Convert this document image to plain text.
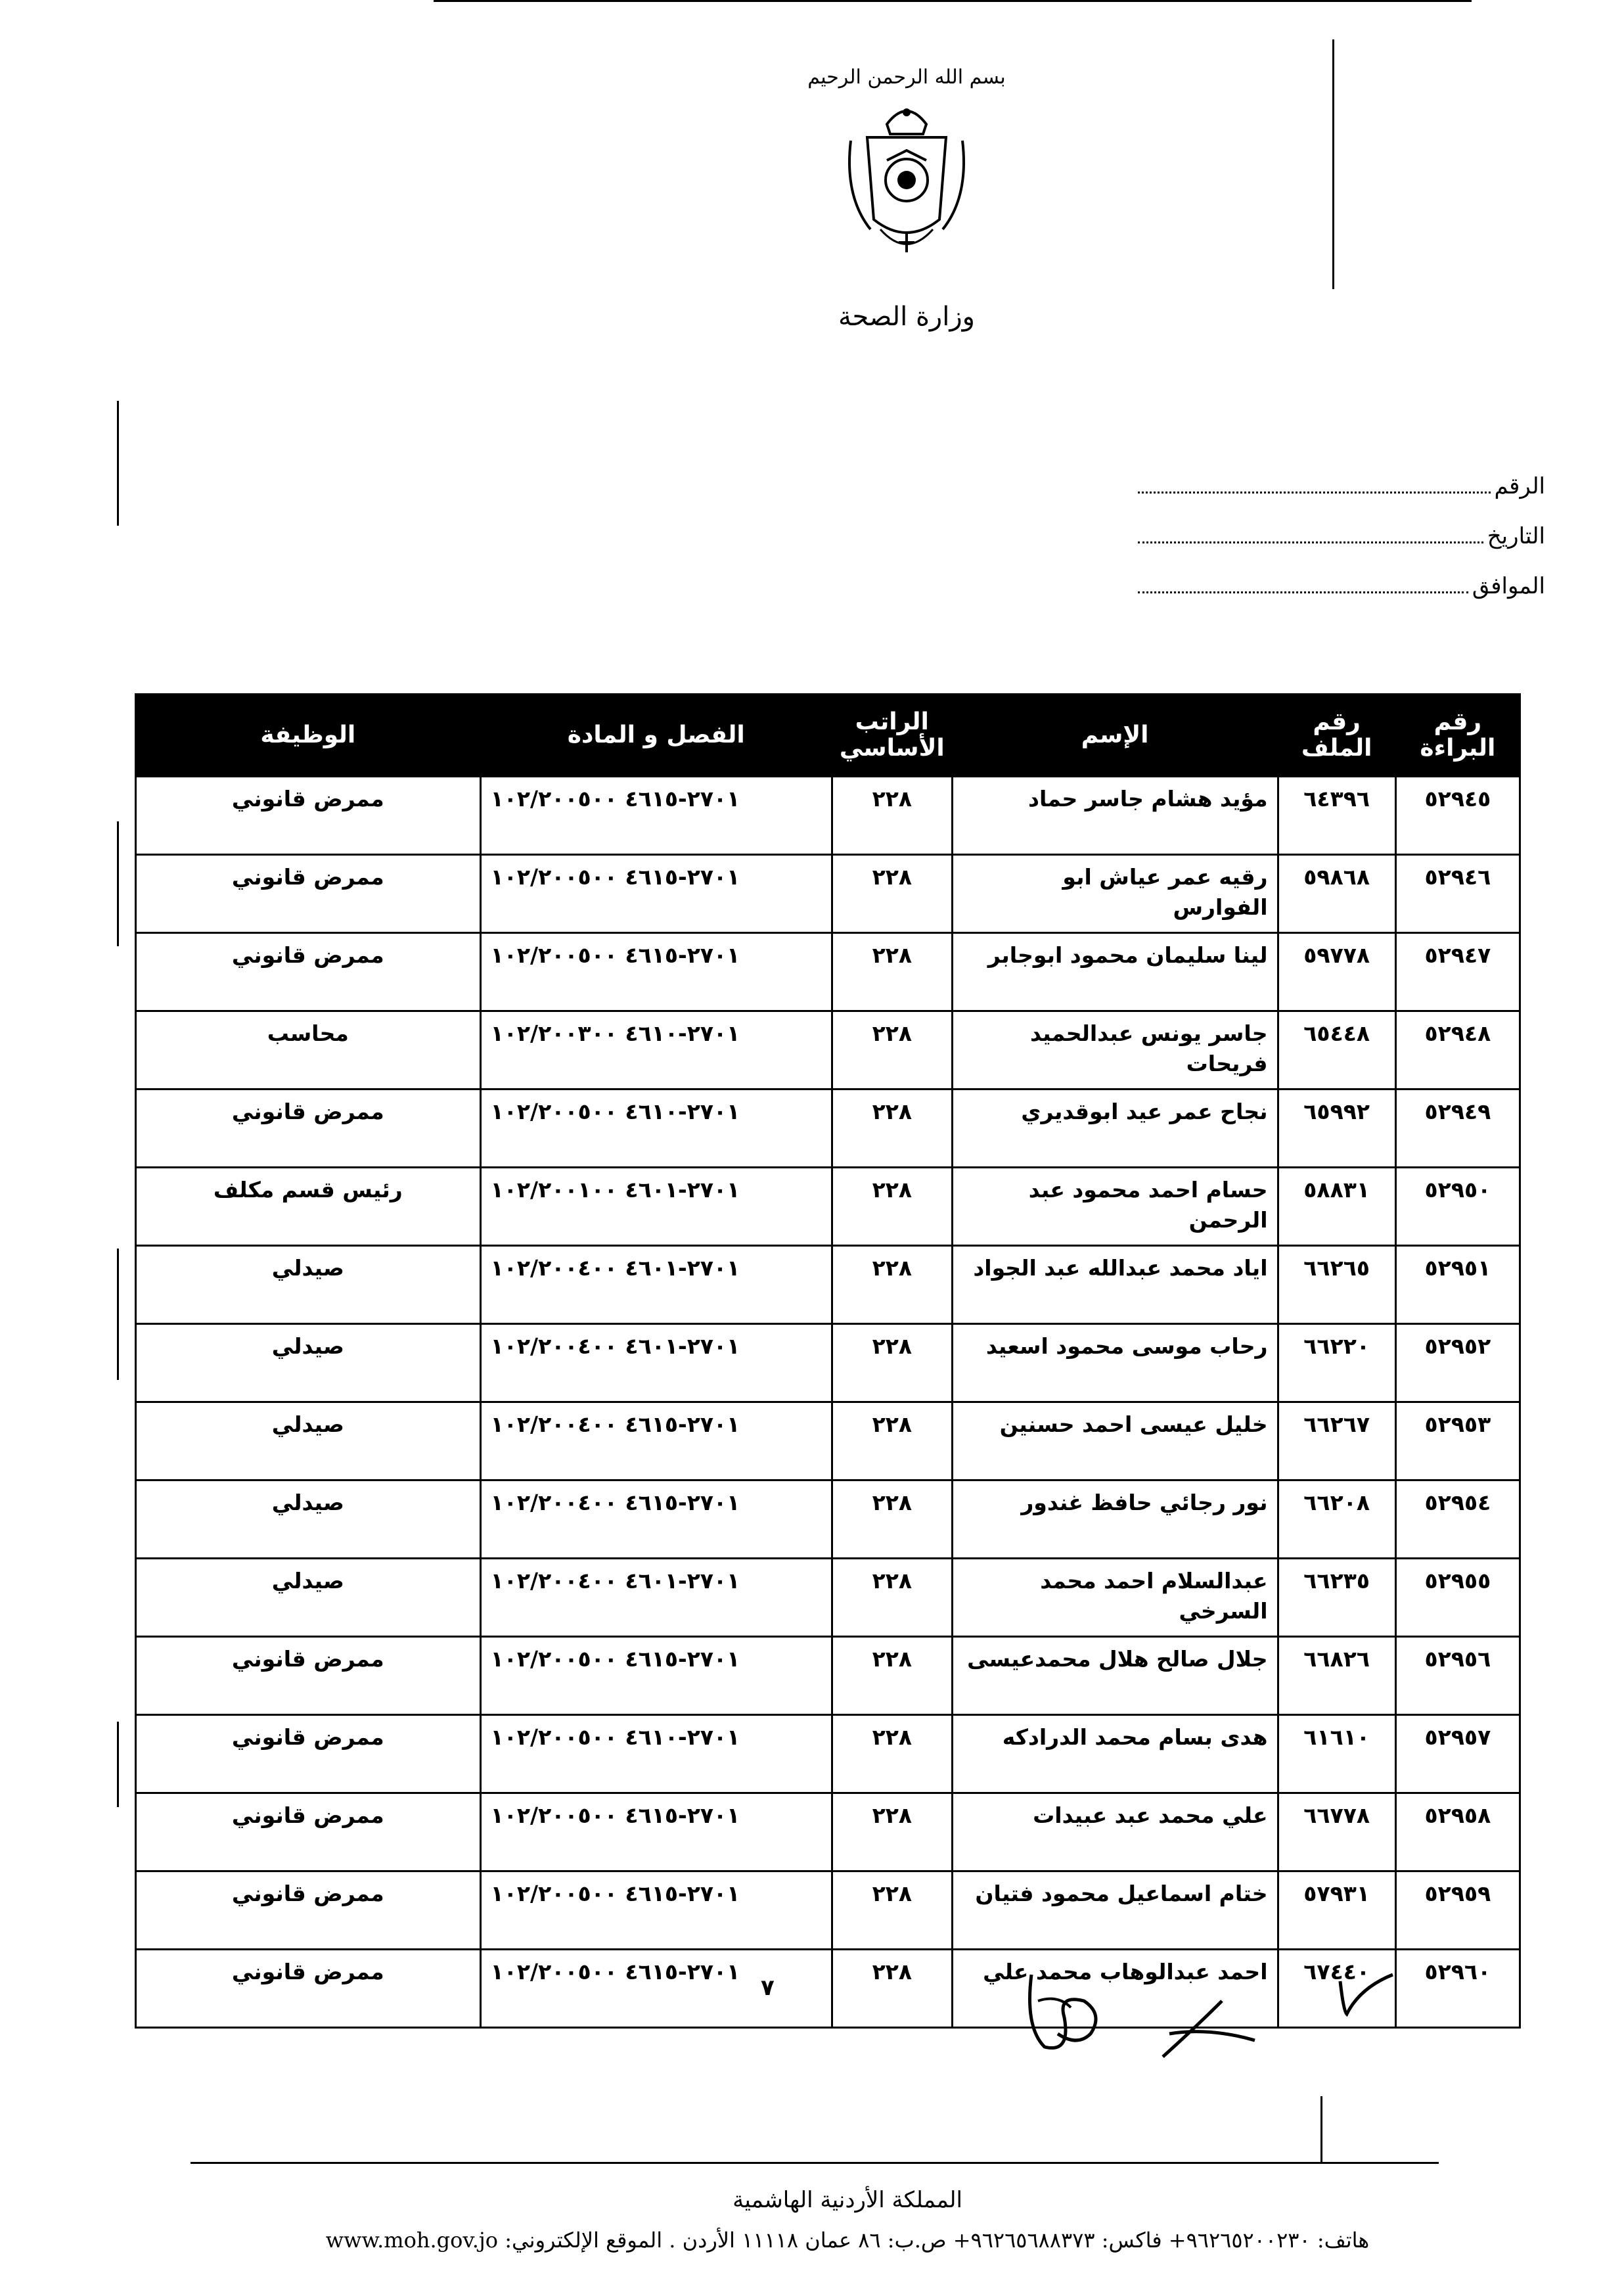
بسم الله الرحمن الرحيم
وزارة الصحة
الرقم
التاريخ
الموافق
رقم البراءة	رقم الملف	الإسم	الراتب الأساسي	الفصل و المادة	الوظيفة
٥٢٩٤٥	٦٤٣٩٦	مؤيد هشام جاسر حماد	٢٢٨	٢٧٠١-٤٦١٥ ١٠٢/٢٠٠٥٠٠	ممرض قانوني
٥٢٩٤٦	٥٩٨٦٨	رقيه عمر عياش ابو الفوارس	٢٢٨	٢٧٠١-٤٦١٥ ١٠٢/٢٠٠٥٠٠	ممرض قانوني
٥٢٩٤٧	٥٩٧٧٨	لينا سليمان محمود ابوجابر	٢٢٨	٢٧٠١-٤٦١٥ ١٠٢/٢٠٠٥٠٠	ممرض قانوني
٥٢٩٤٨	٦٥٤٤٨	جاسر يونس عبدالحميد فريحات	٢٢٨	٢٧٠١-٤٦١٠ ١٠٢/٢٠٠٣٠٠	محاسب
٥٢٩٤٩	٦٥٩٩٢	نجاح عمر عيد ابوقديري	٢٢٨	٢٧٠١-٤٦١٠ ١٠٢/٢٠٠٥٠٠	ممرض قانوني
٥٢٩٥٠	٥٨٨٣١	حسام احمد محمود عبد الرحمن	٢٢٨	٢٧٠١-٤٦٠١ ١٠٢/٢٠٠١٠٠	رئيس قسم مكلف
٥٢٩٥١	٦٦٢٦٥	اياد محمد عبدالله عبد الجواد	٢٢٨	٢٧٠١-٤٦٠١ ١٠٢/٢٠٠٤٠٠	صيدلي
٥٢٩٥٢	٦٦٢٢٠	رحاب موسى محمود اسعيد	٢٢٨	٢٧٠١-٤٦٠١ ١٠٢/٢٠٠٤٠٠	صيدلي
٥٢٩٥٣	٦٦٢٦٧	خليل عيسى احمد حسنين	٢٢٨	٢٧٠١-٤٦١٥ ١٠٢/٢٠٠٤٠٠	صيدلي
٥٢٩٥٤	٦٦٢٠٨	نور رجائي حافظ غندور	٢٢٨	٢٧٠١-٤٦١٥ ١٠٢/٢٠٠٤٠٠	صيدلي
٥٢٩٥٥	٦٦٢٣٥	عبدالسلام احمد محمد السرخي	٢٢٨	٢٧٠١-٤٦٠١ ١٠٢/٢٠٠٤٠٠	صيدلي
٥٢٩٥٦	٦٦٨٢٦	جلال صالح هلال محمدعيسى	٢٢٨	٢٧٠١-٤٦١٥ ١٠٢/٢٠٠٥٠٠	ممرض قانوني
٥٢٩٥٧	٦١٦١٠	هدى بسام محمد الدرادكه	٢٢٨	٢٧٠١-٤٦١٠ ١٠٢/٢٠٠٥٠٠	ممرض قانوني
٥٢٩٥٨	٦٦٧٧٨	علي محمد عبد عبيدات	٢٢٨	٢٧٠١-٤٦١٥ ١٠٢/٢٠٠٥٠٠	ممرض قانوني
٥٢٩٥٩	٥٧٩٣١	ختام اسماعيل محمود فتيان	٢٢٨	٢٧٠١-٤٦١٥ ١٠٢/٢٠٠٥٠٠	ممرض قانوني
٥٢٩٦٠	٦٧٤٤٠	احمد عبدالوهاب محمد علي	٢٢٨	٢٧٠١-٤٦١٥ ١٠٢/٢٠٠٥٠٠	ممرض قانوني
٧
المملكة الأردنية الهاشمية
هاتف: ٩٦٢٦٥٢٠٠٢٣٠+ فاكس: ٩٦٢٦٥٦٨٨٣٧٣+ ص.ب: ٨٦ عمان ١١١١٨ الأردن . الموقع الإلكتروني: www.moh.gov.jo
